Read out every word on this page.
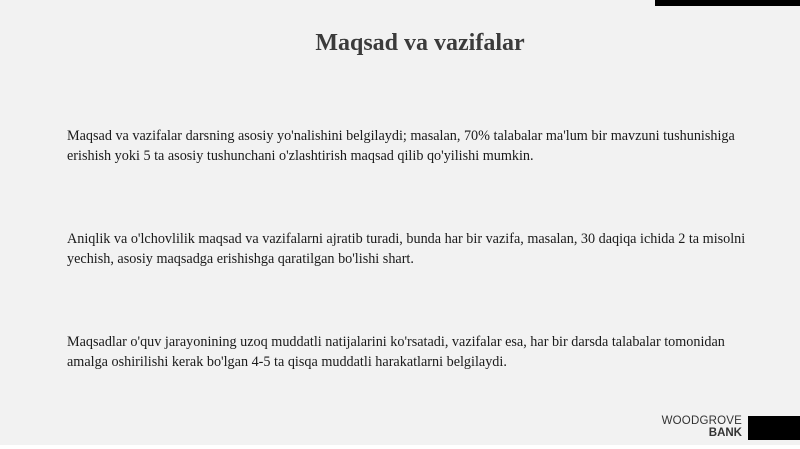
Maqsad va vazifalar

Maqsad va vazifalar darsning asosiy yo'nalishini belgilaydi; masalan, 70% talabalar ma'lum bir mavzuni tushunishiga erishish yoki 5 ta asosiy tushunchani o'zlashtirish maqsad qilib qo'yilishi mumkin.

Aniqlik va o'lchovlilik maqsad va vazifalarni ajratib turadi, bunda har bir vazifa, masalan, 30 daqiqa ichida 2 ta misolni yechish, asosiy maqsadga erishishga qaratilgan bo'lishi shart.

Maqsadlar o'quv jarayonining uzoq muddatli natijalarini ko'rsatadi, vazifalar esa, har bir darsda talabalar tomonidan amalga oshirilishi kerak bo'lgan 4-5 ta qisqa muddatli harakatlarni belgilaydi.

WOODGROVE
BANK
